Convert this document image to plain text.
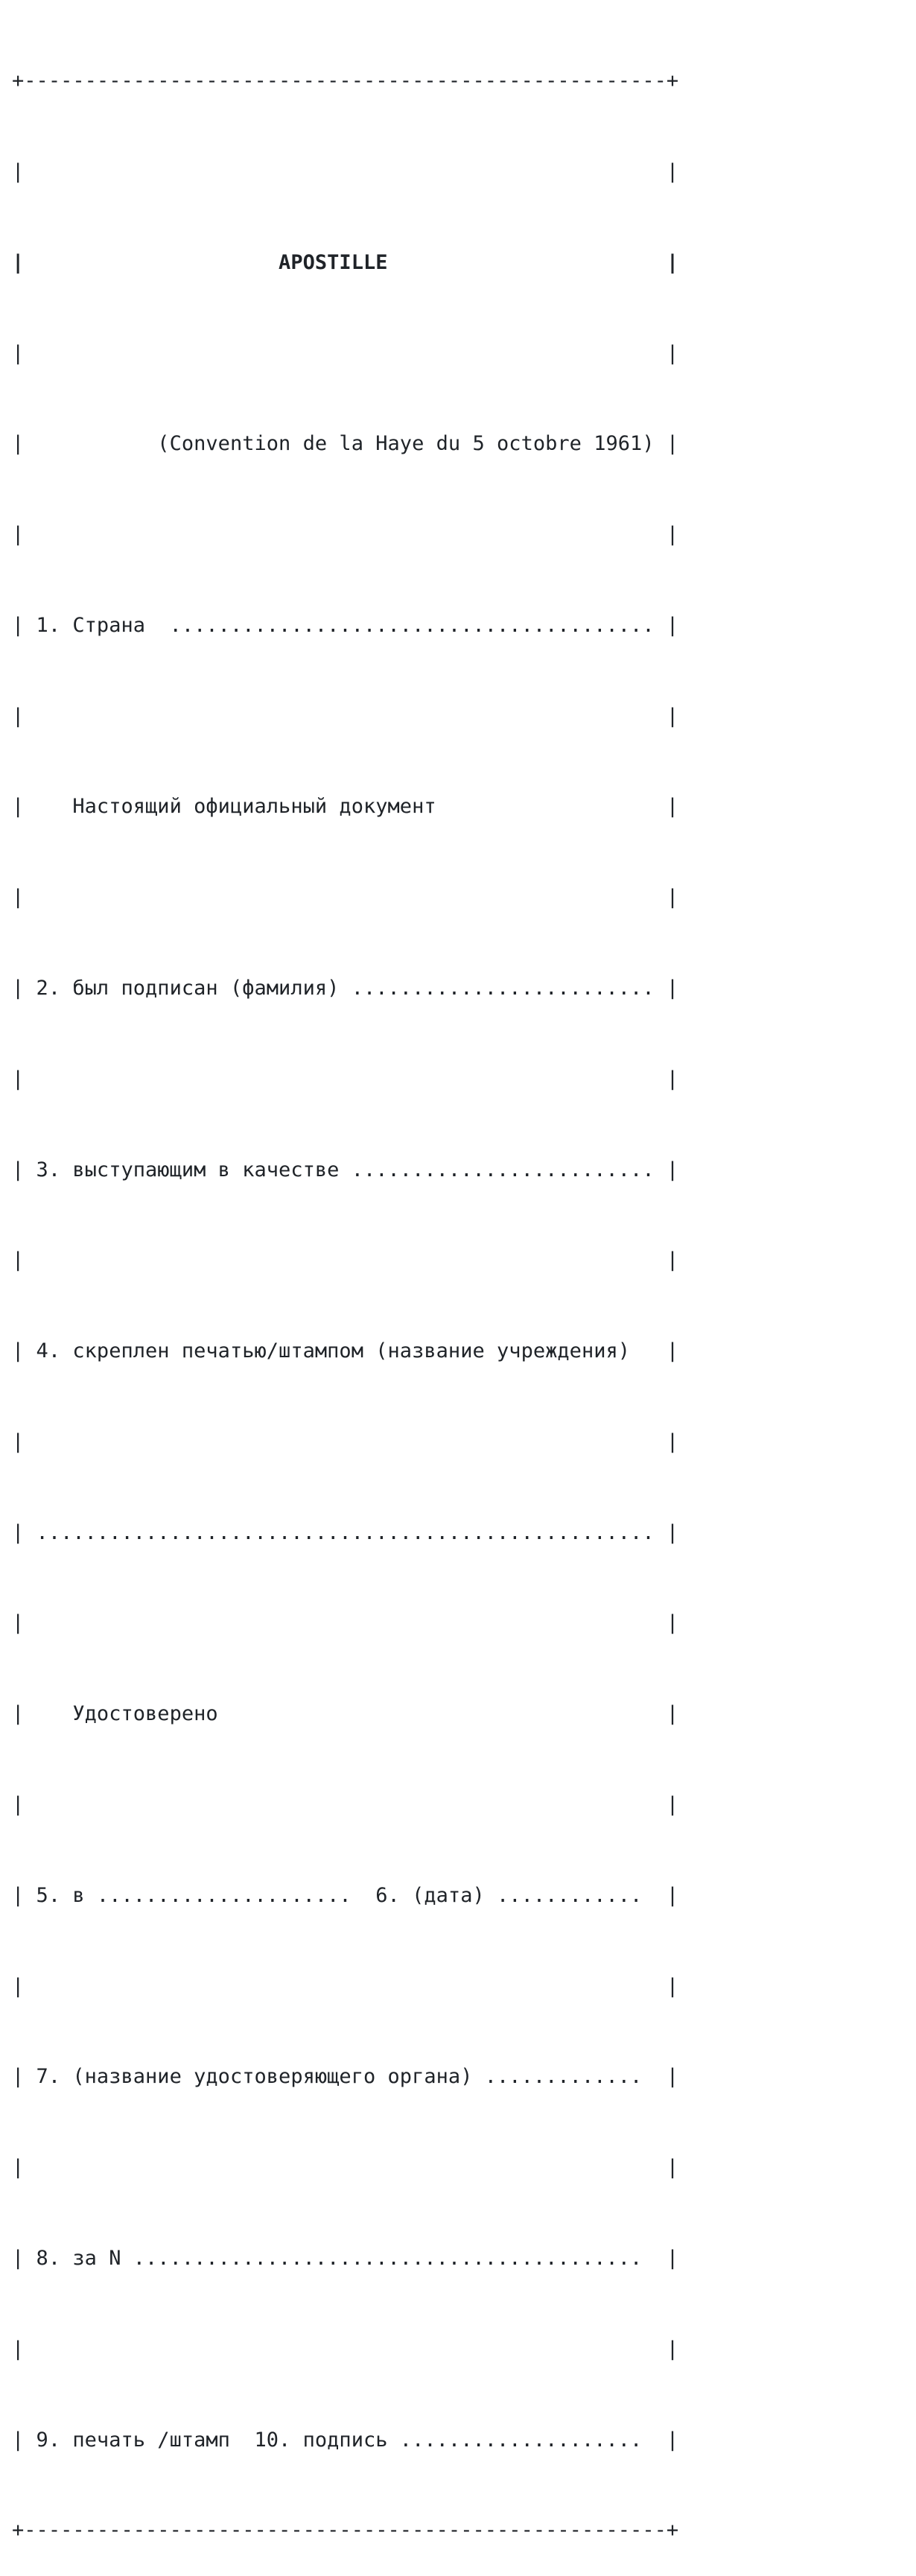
+-----------------------------------------------------+

|                                                     |

|                     APOSTILLE                       |

|                                                     |

|           (Convention de la Haye du 5 octobre 1961) |

|                                                     |

| 1. Страна  ........................................ |

|                                                     |

|    Настоящий официальный документ                   |

|                                                     |

| 2. был подписан (фамилия) ......................... |

|                                                     |

| 3. выступающим в качестве ......................... |

|                                                     |

| 4. скреплен печатью/штампом (название учреждения)   |

|                                                     |

| ................................................... |

|                                                     |

|    Удостоверено                                     |

|                                                     |

| 5. в .....................  6. (дата) ............  |

|                                                     |

| 7. (название удостоверяющего органа) .............  |

|                                                     |

| 8. за N ..........................................  |

|                                                     |

| 9. печать /штамп  10. подпись ....................  |

+-----------------------------------------------------+
